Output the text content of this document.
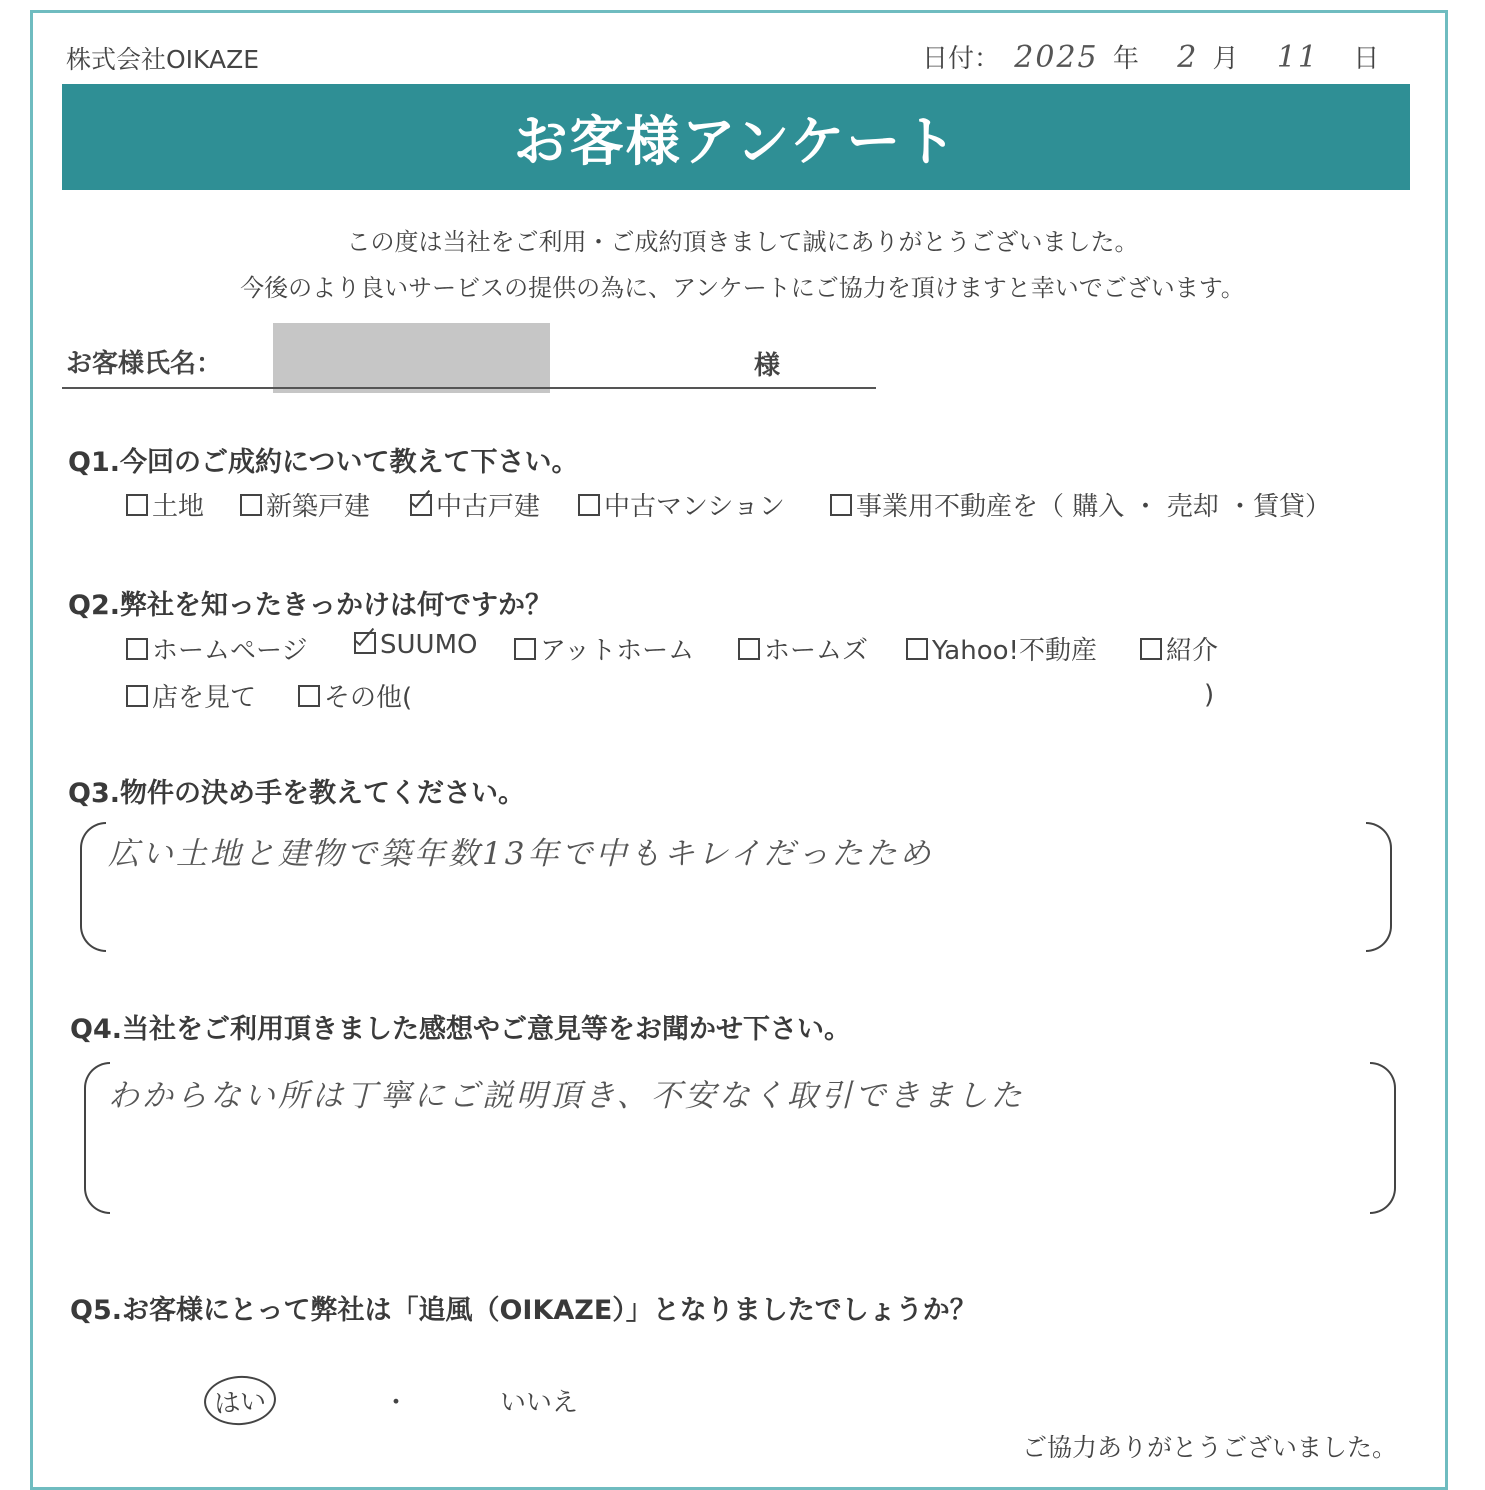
株式会社OIKAZE	日付： 2025 年 2 月 11 日
お客様アンケート
この度は当社をご利用・ご成約頂きまして誠にありがとうございました。
今後のより良いサービスの提供の為に、アンケートにご協力を頂けますと幸いでございます。
お客様氏名：	様
Q1.今回のご成約について教えて下さい。
土地	新築戸建	中古戸建	中古マンション	事業用不動産を（ 購入 ・ 売却 ・賃貸）
Q2.弊社を知ったきっかけは何ですか？
ホームページ	SUUMO	アットホーム	ホームズ	Yahoo!不動産	紹介
店を見て	その他(	)
Q3.物件の決め手を教えてください。
広い土地と建物で築年数13年で中もキレイだったため
Q4.当社をご利用頂きました感想やご意見等をお聞かせ下さい。
わからない所は丁寧にご説明頂き、不安なく取引できました
Q5.お客様にとって弊社は「追風（OIKAZE）」となりましたでしょうか？
はい	・	いいえ
ご協力ありがとうございました。
